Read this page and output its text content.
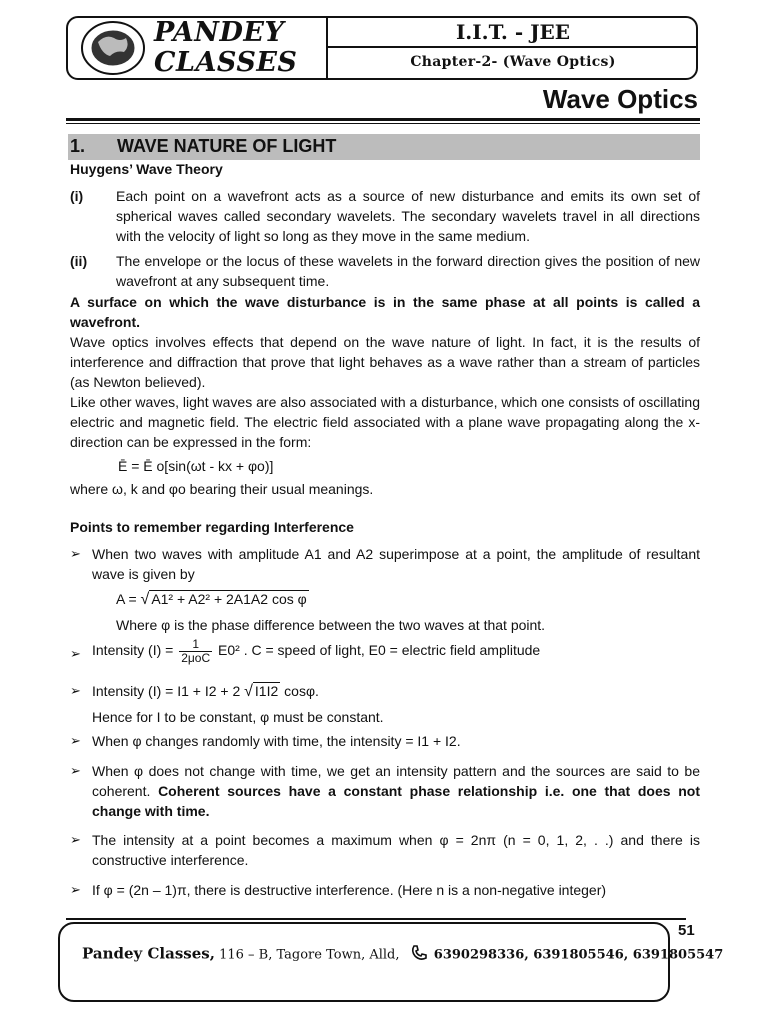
PANDEY
CLASSES
I.I.T. - JEE
Chapter-2- (Wave Optics)
Wave Optics
1. WAVE NATURE OF LIGHT
Huygens’ Wave Theory
(i) Each point on a wavefront acts as a source of new disturbance and emits its own set of spherical waves called secondary wavelets. The secondary wavelets travel in all directions with the velocity of light so long as they move in the same medium.
(ii) The envelope or the locus of these wavelets in the forward direction gives the position of new wavefront at any subsequent time.
A surface on which the wave disturbance is in the same phase at all points is called a wavefront.
Wave optics involves effects that depend on the wave nature of light. In fact, it is the results of interference and diffraction that prove that light behaves as a wave rather than a stream of particles (as Newton believed).
Like other waves, light waves are also associated with a disturbance, which one consists of oscillating electric and magnetic field. The electric field associated with a plane wave propagating along the x-direction can be expressed in the form:
Ē = Ē o[sin(ωt - kx + φo)]
where ω, k and φo bearing their usual meanings.
Points to remember regarding Interference
➢ When two waves with amplitude A1 and A2 superimpose at a point, the amplitude of resultant wave is given by
A = √ A1² + A2² + 2A1A2 cos φ
Where φ is the phase difference between the two waves at that point.
➢ Intensity $(I) = \frac{1}{\text{2μoC}} E0^2$ . C = speed of light, E0 = electric field amplitude
➢ Intensity (I) = I1 + I2 + 2 √ I1I2 cosφ.
Hence for I to be constant, φ must be constant.
➢ When φ changes randomly with time, the intensity = I1 + I2.
➢ When φ does not change with time, we get an intensity pattern and the sources are said to be coherent. Coherent sources have a constant phase relationship i.e. one that does not change with time.
➢ The intensity at a point becomes a maximum when φ = 2nπ (n = 0, 1, 2, . .) and there is constructive interference.
➢ If φ = (2n – 1)π, there is destructive interference. (Here n is a non-negative integer)
51
Pandey Classes, 116 – B, Tagore Town, Alld,	6390298336, 6391805546, 6391805547
